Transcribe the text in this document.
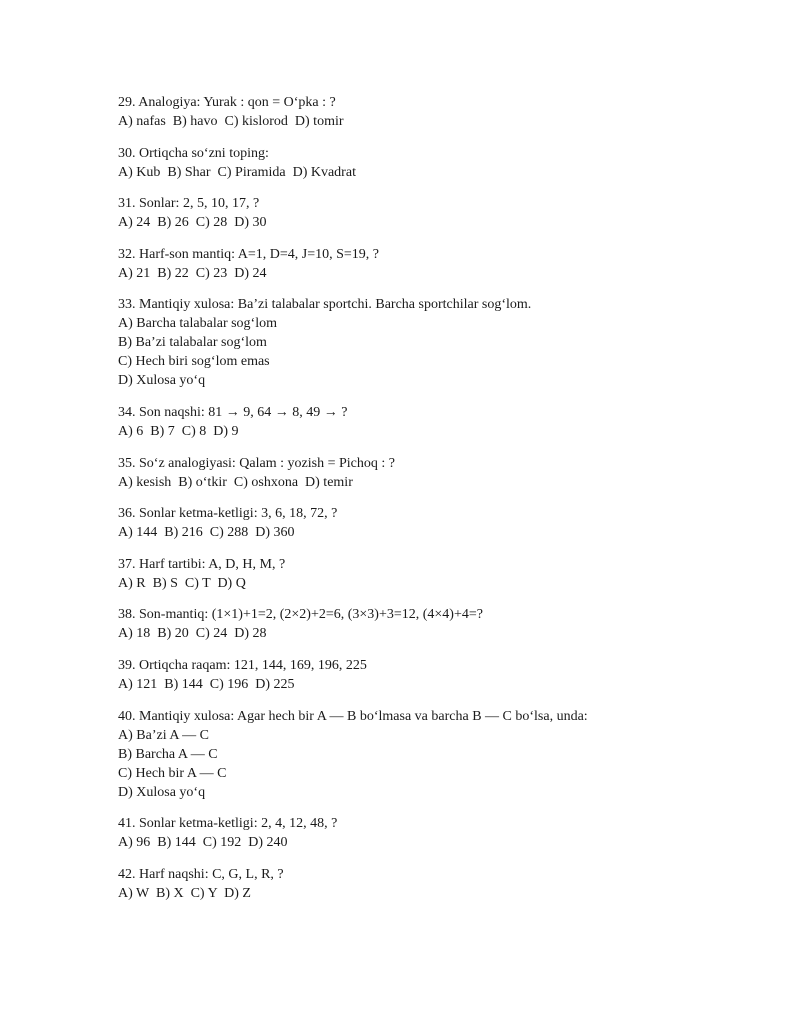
29. Analogiya: Yurak : qon = O‘pka : ?
A) nafas  B) havo  C) kislorod  D) tomir
30. Ortiqcha so‘zni toping:
A) Kub  B) Shar  C) Piramida  D) Kvadrat
31. Sonlar: 2, 5, 10, 17, ?
A) 24  B) 26  C) 28  D) 30
32. Harf-son mantiq: A=1, D=4, J=10, S=19, ?
A) 21  B) 22  C) 23  D) 24
33. Mantiqiy xulosa: Ba’zi talabalar sportchi. Barcha sportchilar sog‘lom.
A) Barcha talabalar sog‘lom
B) Ba’zi talabalar sog‘lom
C) Hech biri sog‘lom emas
D) Xulosa yo‘q
34. Son naqshi: 81 → 9, 64 → 8, 49 → ?
A) 6  B) 7  C) 8  D) 9
35. So‘z analogiyasi: Qalam : yozish = Pichoq : ?
A) kesish  B) o‘tkir  C) oshxona  D) temir
36. Sonlar ketma-ketligi: 3, 6, 18, 72, ?
A) 144  B) 216  C) 288  D) 360
37. Harf tartibi: A, D, H, M, ?
A) R  B) S  C) T  D) Q
38. Son-mantiq: (1×1)+1=2, (2×2)+2=6, (3×3)+3=12, (4×4)+4=?
A) 18  B) 20  C) 24  D) 28
39. Ortiqcha raqam: 121, 144, 169, 196, 225
A) 121  B) 144  C) 196  D) 225
40. Mantiqiy xulosa: Agar hech bir A — B bo‘lmasa va barcha B — C bo‘lsa, unda:
A) Ba’zi A — C
B) Barcha A — C
C) Hech bir A — C
D) Xulosa yo‘q
41. Sonlar ketma-ketligi: 2, 4, 12, 48, ?
A) 96  B) 144  C) 192  D) 240
42. Harf naqshi: C, G, L, R, ?
A) W  B) X  C) Y  D) Z
